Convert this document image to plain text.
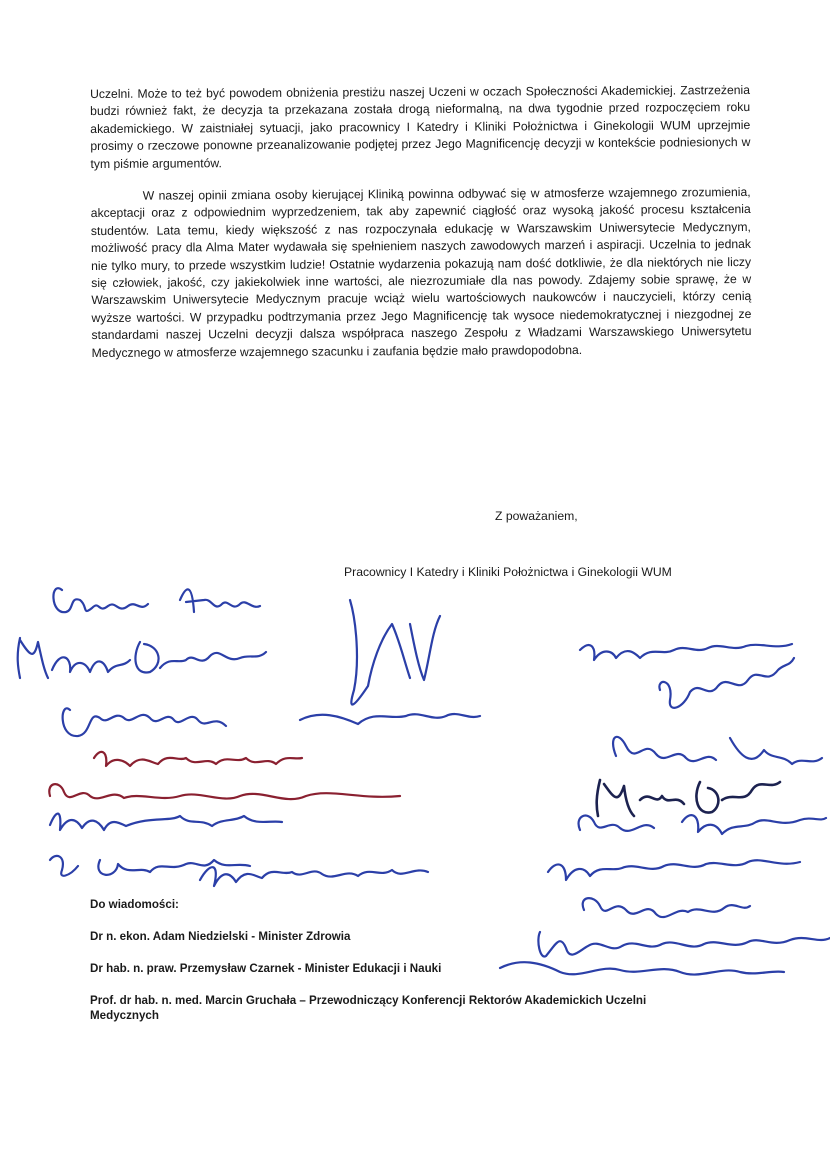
Uczelni. Może to też być powodem obniżenia prestiżu naszej Uczeni w oczach Społeczności Akademickiej. Zastrzeżenia budzi również fakt, że decyzja ta przekazana została drogą nieformalną, na dwa tygodnie przed rozpoczęciem roku akademickiego. W zaistniałej sytuacji, jako pracownicy I Katedry i Kliniki Położnictwa i Ginekologii WUM uprzejmie prosimy o rzeczowe ponowne przeanalizowanie podjętej przez Jego Magnificencję decyzji w kontekście podniesionych w tym piśmie argumentów.

W naszej opinii zmiana osoby kierującej Kliniką powinna odbywać się w atmosferze wzajemnego zrozumienia, akceptacji oraz z odpowiednim wyprzedzeniem, tak aby zapewnić ciągłość oraz wysoką jakość procesu kształcenia studentów. Lata temu, kiedy większość z nas rozpoczynała edukację w Warszawskim Uniwersytecie Medycznym, możliwość pracy dla Alma Mater wydawała się spełnieniem naszych zawodowych marzeń i aspiracji. Uczelnia to jednak nie tylko mury, to przede wszystkim ludzie! Ostatnie wydarzenia pokazują nam dość dotkliwie, że dla niektórych nie liczy się człowiek, jakość, czy jakiekolwiek inne wartości, ale niezrozumiałe dla nas powody. Zdajemy sobie sprawę, że w Warszawskim Uniwersytecie Medycznym pracuje wciąż wielu wartościowych naukowców i nauczycieli, którzy cenią wyższe wartości. W przypadku podtrzymania przez Jego Magnificencję tak wysoce niedemokratycznej i niezgodnej ze standardami naszej Uczelni decyzji dalsza współpraca naszego Zespołu z Władzami Warszawskiego Uniwersytetu Medycznego w atmosferze wzajemnego szacunku i zaufania będzie mało prawdopodobna.

Z poważaniem,
Pracownicy I Katedry i Kliniki Położnictwa i Ginekologii WUM
Do wiadomości:
Dr n. ekon. Adam Niedzielski - Minister Zdrowia
Dr hab. n. praw. Przemysław Czarnek - Minister Edukacji i Nauki
Prof. dr hab. n. med. Marcin Gruchała – Przewodniczący Konferencji Rektorów Akademickich Uczelni Medycznych
